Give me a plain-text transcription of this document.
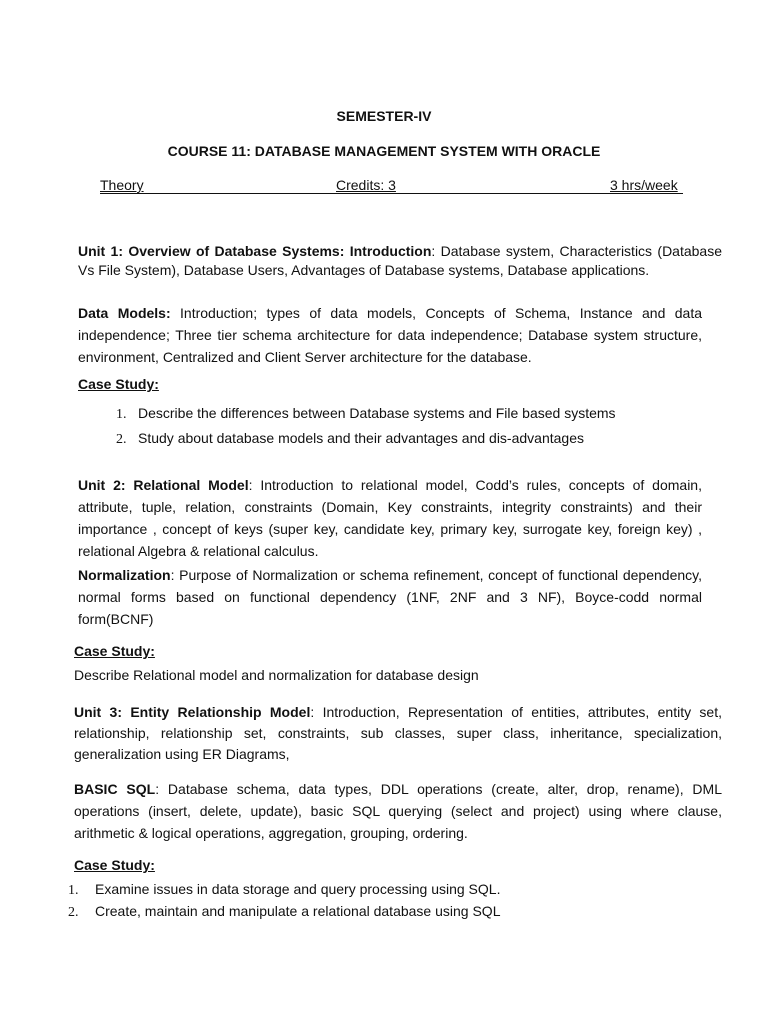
SEMESTER-IV
COURSE 11: DATABASE MANAGEMENT SYSTEM WITH ORACLE
Theory	Credits: 3	3 hrs/week
Unit 1: Overview of Database Systems: Introduction: Database system, Characteristics (Database Vs File System), Database Users, Advantages of Database systems, Database applications.
Data Models: Introduction; types of data models, Concepts of Schema, Instance and data independence; Three tier schema architecture for data independence; Database system structure, environment, Centralized and Client Server architecture for the database.
Case Study:
1. Describe the differences between Database systems and File based systems
2. Study about database models and their advantages and dis-advantages
Unit 2: Relational Model: Introduction to relational model, Codd’s rules, concepts of domain, attribute, tuple, relation, constraints (Domain, Key constraints, integrity constraints) and their importance , concept of keys (super key, candidate key, primary key, surrogate key, foreign key) , relational Algebra & relational calculus.
Normalization: Purpose of Normalization or schema refinement, concept of functional dependency, normal forms based on functional dependency (1NF, 2NF and 3 NF), Boyce-codd normal form(BCNF)
Case Study:
Describe Relational model and normalization for database design
Unit 3: Entity Relationship Model: Introduction, Representation of entities, attributes, entity set, relationship, relationship set, constraints, sub classes, super class, inheritance, specialization, generalization using ER Diagrams,
BASIC SQL: Database schema, data types, DDL operations (create, alter, drop, rename), DML operations (insert, delete, update), basic SQL querying (select and project) using where clause, arithmetic & logical operations, aggregation, grouping, ordering.
Case Study:
1. Examine issues in data storage and query processing using SQL.
2. Create, maintain and manipulate a relational database using SQL
